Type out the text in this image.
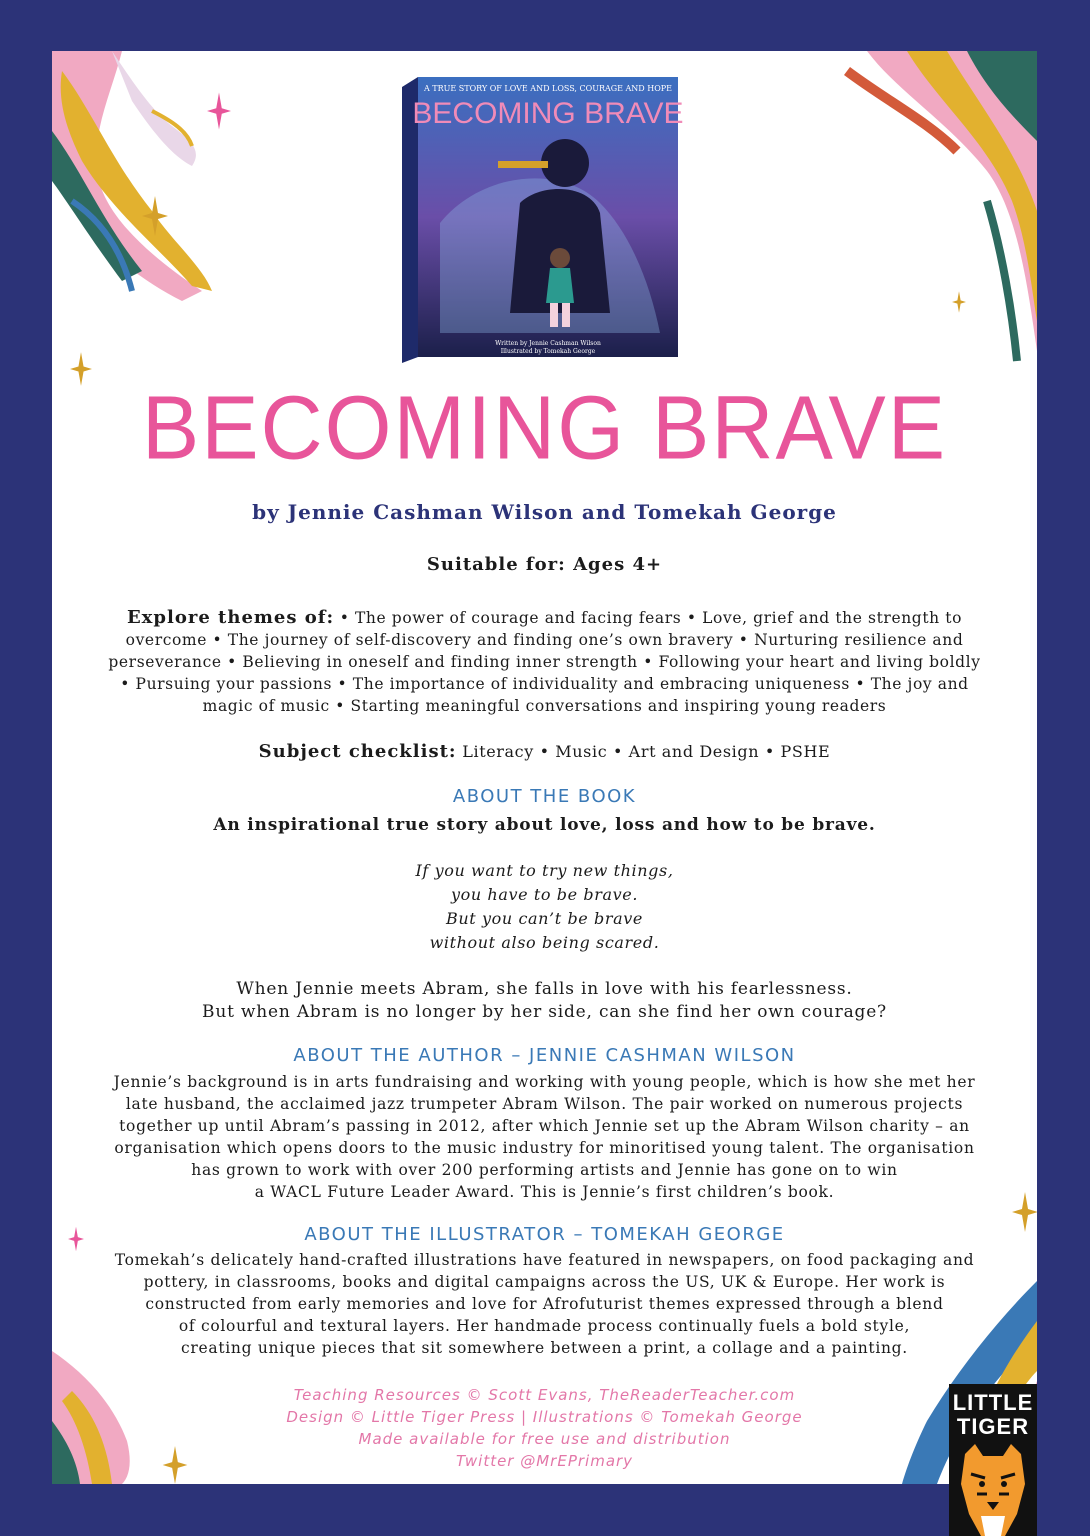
A TRUE STORY OF LOVE AND LOSS, COURAGE AND HOPE
BECOMING BRAVE
Written by Jennie Cashman Wilson
Illustrated by Tomekah George
BECOMING BRAVE
by Jennie Cashman Wilson and Tomekah George
Suitable for: Ages 4+
Explore themes of: • The power of courage and facing fears • Love, grief and the strength to
overcome • The journey of self-discovery and finding one’s own bravery • Nurturing resilience and
perseverance • Believing in oneself and finding inner strength • Following your heart and living boldly
• Pursuing your passions • The importance of individuality and embracing uniqueness • The joy and
magic of music • Starting meaningful conversations and inspiring young readers
Subject checklist: Literacy • Music • Art and Design • PSHE
ABOUT THE BOOK
An inspirational true story about love, loss and how to be brave.
If you want to try new things,
you have to be brave.
But you can’t be brave
without also being scared.
When Jennie meets Abram, she falls in love with his fearlessness.
But when Abram is no longer by her side, can she find her own courage?
ABOUT THE AUTHOR – JENNIE CASHMAN WILSON
Jennie’s background is in arts fundraising and working with young people, which is how she met her
late husband, the acclaimed jazz trumpeter Abram Wilson. The pair worked on numerous projects
together up until Abram’s passing in 2012, after which Jennie set up the Abram Wilson charity – an
organisation which opens doors to the music industry for minoritised young talent. The organisation
has grown to work with over 200 performing artists and Jennie has gone on to win
a WACL Future Leader Award. This is Jennie’s first children’s book.
ABOUT THE ILLUSTRATOR – TOMEKAH GEORGE
Tomekah’s delicately hand-crafted illustrations have featured in newspapers, on food packaging and
pottery, in classrooms, books and digital campaigns across the US, UK & Europe. Her work is
constructed from early memories and love for Afrofuturist themes expressed through a blend
of colourful and textural layers. Her handmade process continually fuels a bold style,
creating unique pieces that sit somewhere between a print, a collage and a painting.
Teaching Resources © Scott Evans, TheReaderTeacher.com
Design © Little Tiger Press | Illustrations © Tomekah George
Made available for free use and distribution
Twitter @MrEPrimary
LITTLE
TIGER
